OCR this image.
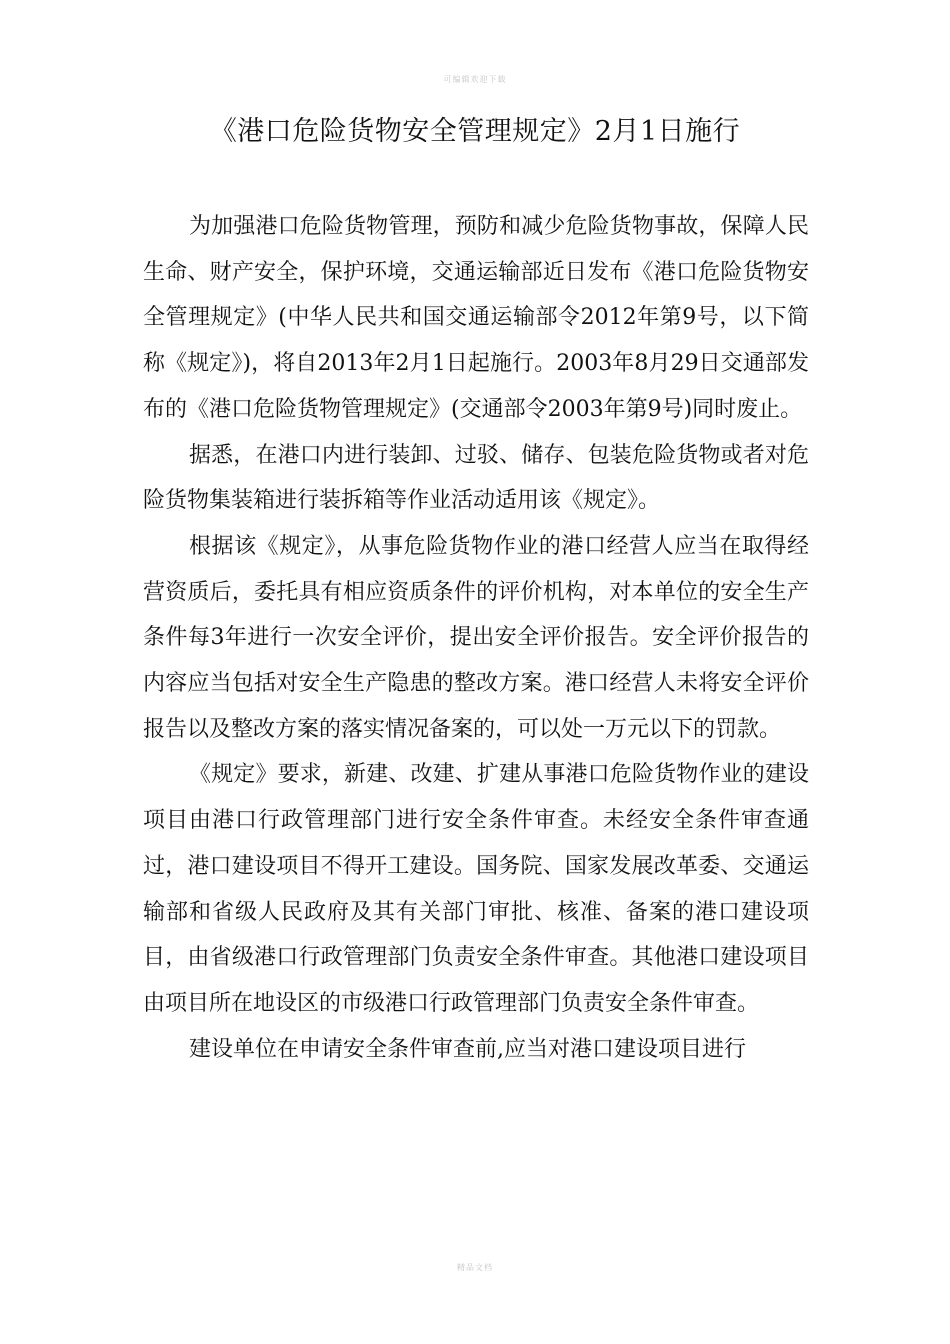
可编辑欢迎下载
《港口危险货物安全管理规定》2月1日施行

为加强港口危险货物管理，预防和减少危险货物事故，保障人民生命、财产安全，保护环境，交通运输部近日发布《港口危险货物安全管理规定》(中华人民共和国交通运输部令2012年第9号，以下简称《规定》)，将自2013年2月1日起施行。2003年8月29日交通部发布的《港口危险货物管理规定》(交通部令2003年第9号)同时废止。

据悉，在港口内进行装卸、过驳、储存、包装危险货物或者对危险货物集装箱进行装拆箱等作业活动适用该《规定》。

根据该《规定》，从事危险货物作业的港口经营人应当在取得经营资质后，委托具有相应资质条件的评价机构，对本单位的安全生产条件每3年进行一次安全评价，提出安全评价报告。安全评价报告的内容应当包括对安全生产隐患的整改方案。港口经营人未将安全评价报告以及整改方案的落实情况备案的，可以处一万元以下的罚款。

《规定》要求，新建、改建、扩建从事港口危险货物作业的建设项目由港口行政管理部门进行安全条件审查。未经安全条件审查通过，港口建设项目不得开工建设。国务院、国家发展改革委、交通运输部和省级人民政府及其有关部门审批、核准、备案的港口建设项目，由省级港口行政管理部门负责安全条件审查。其他港口建设项目由项目所在地设区的市级港口行政管理部门负责安全条件审查。

建设单位在申请安全条件审查前,应当对港口建设项目进行

精品文档
